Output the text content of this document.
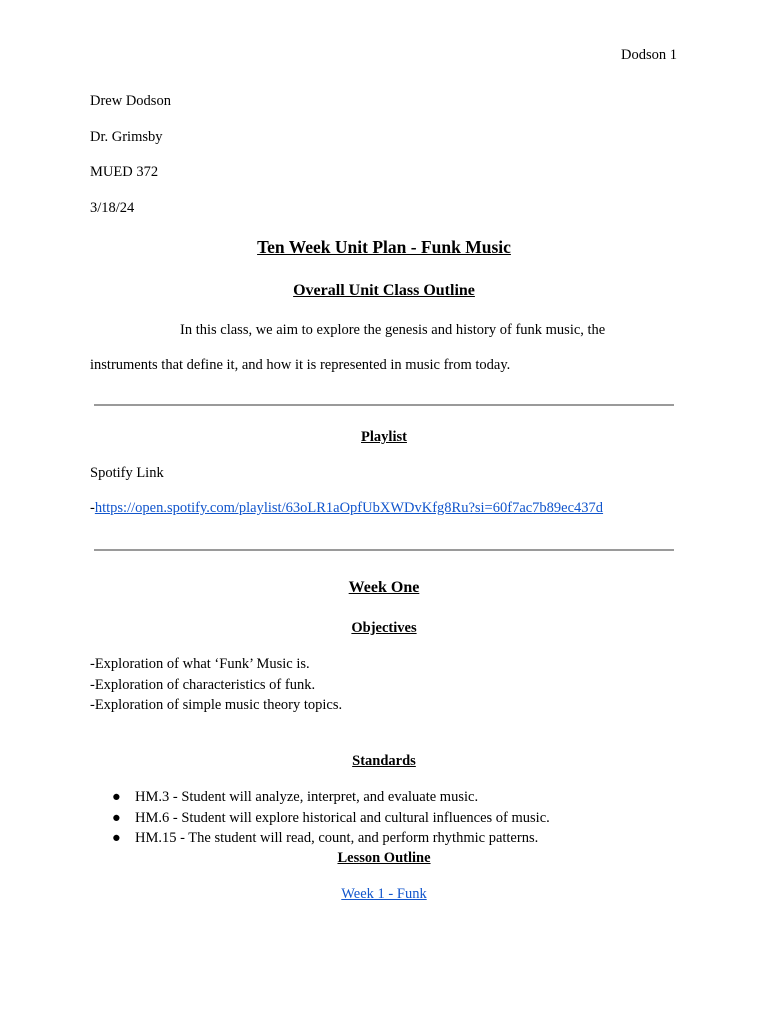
Dodson 1
Drew Dodson
Dr. Grimsby
MUED 372
3/18/24
Ten Week Unit Plan - Funk Music
Overall Unit Class Outline
In this class, we aim to explore the genesis and history of funk music, the
instruments that define it, and how it is represented in music from today.
Playlist
Spotify Link
-https://open.spotify.com/playlist/63oLR1aOpfUbXWDvKfg8Ru?si=60f7ac7b89ec437d
Week One
Objectives
-Exploration of what ‘Funk’ Music is.
-Exploration of characteristics of funk.
-Exploration of simple music theory topics.
Standards
● HM.3 - Student will analyze, interpret, and evaluate music.
● HM.6 - Student will explore historical and cultural influences of music.
● HM.15 - The student will read, count, and perform rhythmic patterns.
Lesson Outline
Week 1 - Funk
